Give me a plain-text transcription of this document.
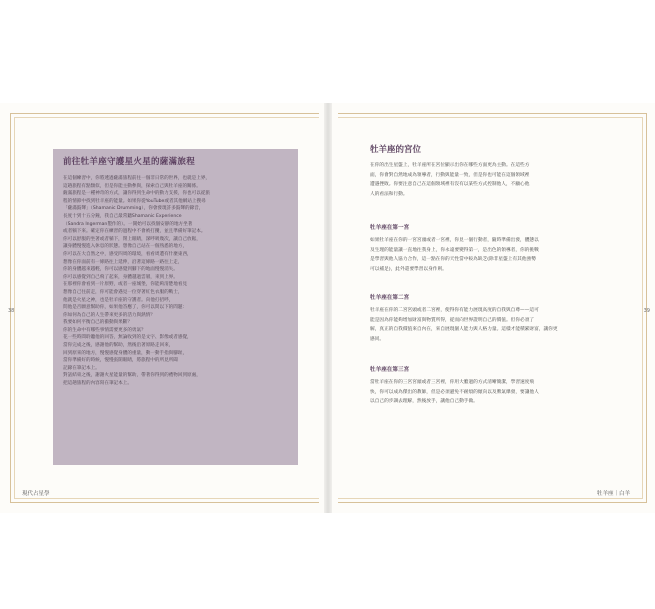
前往牡羊座守護星火星的薩滿旅程
在這個練習中，你將透過薩滿旅程前往一個非日常的世界，也就是上界，
這趟旅程有點類似，但是你能主動參與，探索自己與牡羊座的關係。
薩滿旅程是一種神奇的方式，讓你得到生命中的動力支援，你也可以從旅
程的情節中找到牡羊座的能量。如果你從YouTube或者其他網站上搜尋
「薩滿鼓聲」（Shamanic Drumming），你會發現許多鼓聲的錄音，
長度十到十五分鐘，我自己最常聽Shamanic Experience
（Sandra Ingerman製作的）。一開始可以找個安靜的地方坐著
或者躺下來。確定你在練習的過程中不會被打擾，並且準備好筆記本。
你可以舒服的坐著或者躺下，閉上眼睛，深呼吸幾次，讓自己放鬆，
讓身體慢慢進入休息的狀態。想像自己站在一個熟悉的地方，
你可以在大自然之中，感受四周的環境，看看周遭有什麼東西，
想像在你面前有一條路往上延伸，沿著這條路一路往上走，
你的身體越來越輕，你可以感覺到腳下的地面慢慢消失。
你可以感覺到自己飛了起來，身體越過雲層，來到上界。
在那裡你會看到一片原野，或者一座城堡，你能夠清楚地看見
想像自己往前走，你可能會遇見一位穿著紅色衣服的戰士，
他就是火星之神，也是牡羊座的守護者。向他打招呼，
問他是否願意幫助你，如果他答應了，你可以問以下的問題：
你如何為自己的人生帶來更多的活力與熱情？
我要如何平衡自己的衝動與果斷？
你的生命中有哪些事情需要更多的勇氣？
花一些時間聆聽他的回答，無論收到的是文字、影像或者感覺，
當你完成之後，感謝他的幫助，然後沿著原路走回來，
回到原來的地方，慢慢感覺身體的重量，動一動手指與腳趾，
當你準備好的時候，慢慢張開眼睛，將旅程中的所見所聞
記錄在筆記本上。
對話結束之後，謝謝火星能量的幫助，帶著你得到的禮物回到原處，
把這趟旅程的內容寫在筆記本上。
38
現代占星學
牡羊座的宮位
在你的出生星盤上，牡羊座所在宮位顯示出你在哪些方面更為主動。在這些方
面，你會對自然地成為領導者，行動與能量一致，但是你也可能在這個領域裡
遭遇挫敗。你要注意自己在這個領域裡有沒有以某些方式控制他人，不顧心他
人的看法和行動。
牡羊座在第一宮
如果牡羊座在你的一宮宮頭或者一宮裡，你見一個行動者，隨時準備出發，體態以
及生理的能量讓一直地往我身上，你永遠要變得第一，是出色的領導者，你的挑戰
是學習與他人協力合作，這一點在你的天性當中較為缺乏(除非星盤上有其他強勢
可以補足)，此外還要學習以身作則。
牡羊座在第二宮
牡羊座在你的二宮宮頭或者二宮裡，使得你有能力展現高度的自我與自尊——這可
能是因為你能夠增加財富與物質所得，從而向世界證明自己的價值。但你必須了
解，真正的自我價值來自內在，來自展現個人能力與人格力量。這樣才能積累財富，讓你更
感同。
牡羊座在第三宮
當牡羊座在你的三宮宮頭或者三宮裡，你用大膽過的方式清晰簡潔，學習速度飛
快，你可以成為傑出的教師，但是必須避免不耐煩的傾向以及脾氣爆發，要讓他人
以自己的步調去理解，然後放手，讓他自己動手做。
39
牡羊座｜白羊
